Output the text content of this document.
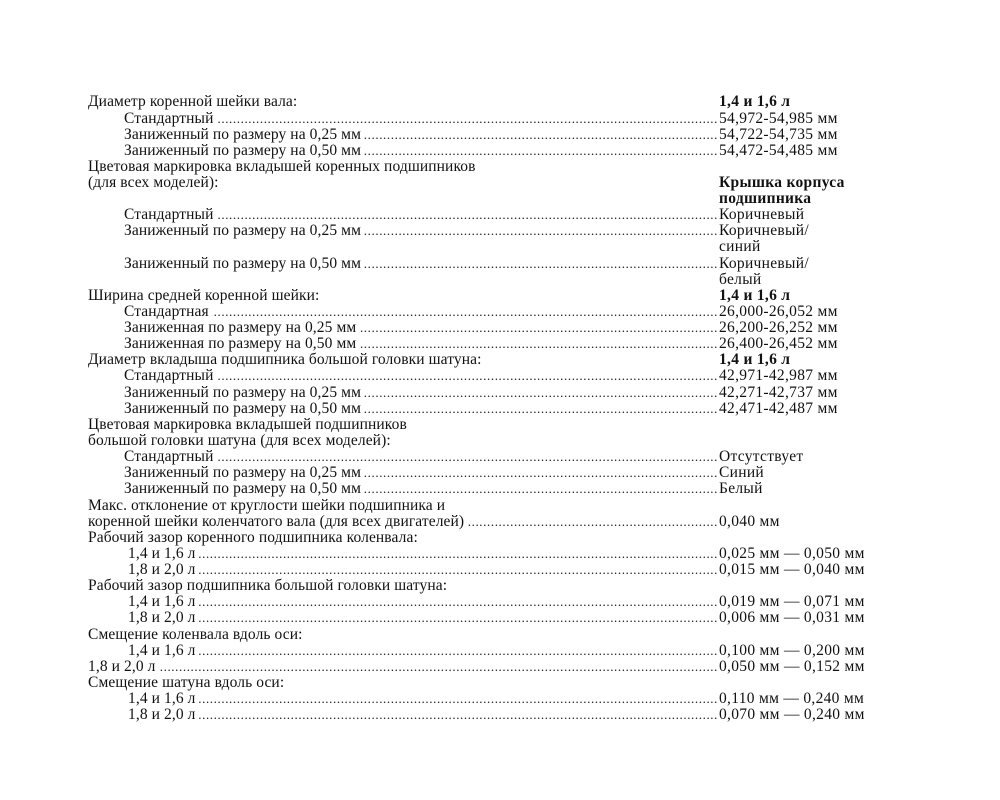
Диаметр коренной шейки вала:	1,4 и 1,6 л
Стандартный .....	54,972-54,985 мм
Заниженный по размеру на 0,25 мм .....	54,722-54,735 мм
Заниженный по размеру на 0,50 мм .....	54,472-54,485 мм
Цветовая маркировка вкладышей коренных подшипников
(для всех моделей):	Крышка корпуса
подшипника
Стандартный .....	Коричневый
Заниженный по размеру на 0,25 мм .....	Коричневый/
синий
Заниженный по размеру на 0,50 мм .....	Коричневый/
белый
Ширина средней коренной шейки:	1,4 и 1,6 л
Стандартная .....	26,000-26,052 мм
Заниженная по размеру на 0,25 мм .....	26,200-26,252 мм
Заниженная по размеру на 0,50 мм .....	26,400-26,452 мм
Диаметр вкладыша подшипника большой головки шатуна:	1,4 и 1,6 л
Стандартный .....	42,971-42,987 мм
Заниженный по размеру на 0,25 мм .....	42,271-42,737 мм
Заниженный по размеру на 0,50 мм .....	42,471-42,487 мм
Цветовая маркировка вкладышей подшипников
большой головки шатуна (для всех моделей):
Стандартный .....	Отсутствует
Заниженный по размеру на 0,25 мм .....	Синий
Заниженный по размеру на 0,50 мм .....	Белый
Макс. отклонение от круглости шейки подшипника и
коренной шейки коленчатого вала (для всех двигателей) .....	0,040 мм
Рабочий зазор коренного подшипника коленвала:
1,4 и 1,6 л .....	0,025 мм — 0,050 мм
1,8 и 2,0 л .....	0,015 мм — 0,040 мм
Рабочий зазор подшипника большой головки шатуна:
1,4 и 1,6 л .....	0,019 мм — 0,071 мм
1,8 и 2,0 л .....	0,006 мм — 0,031 мм
Смещение коленвала вдоль оси:
1,4 и 1,6 л .....	0,100 мм — 0,200 мм
1,8 и 2,0 л .....	0,050 мм — 0,152 мм
Смещение шатуна вдоль оси:
1,4 и 1,6 л .....	0,110 мм — 0,240 мм
1,8 и 2,0 л .....	0,070 мм — 0,240 мм
